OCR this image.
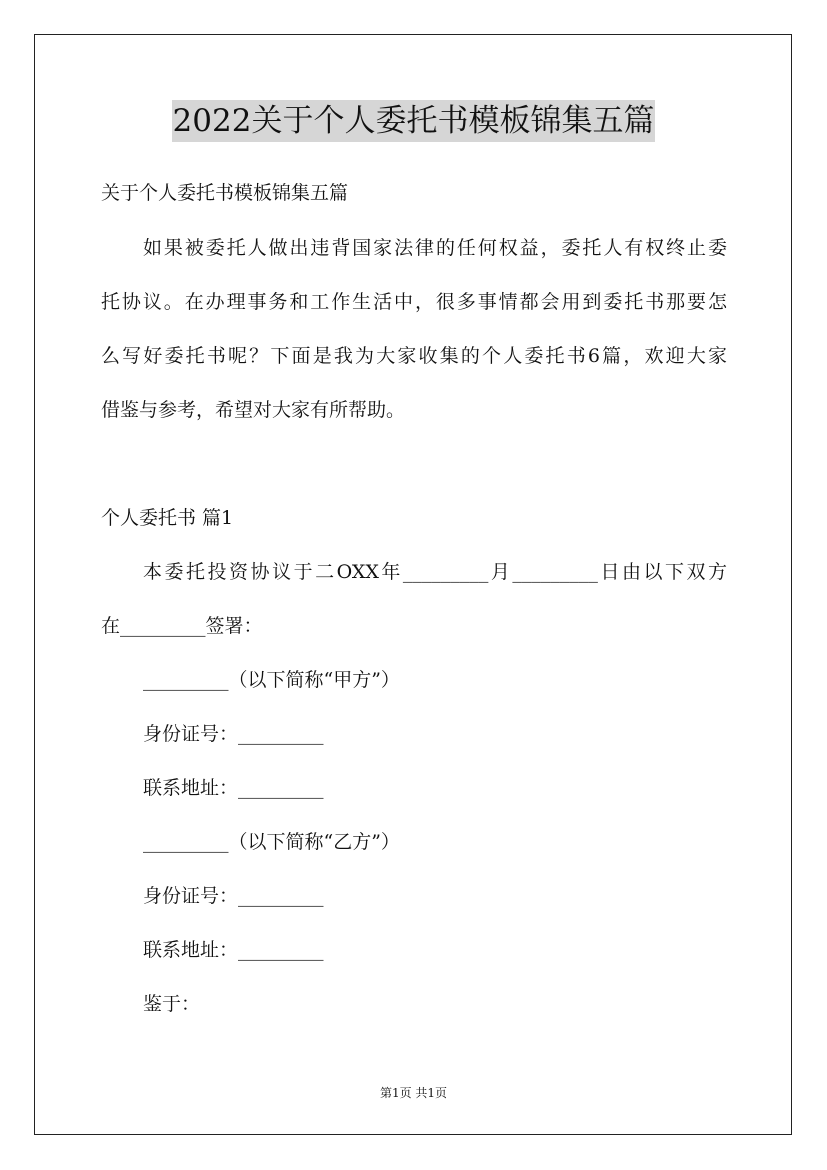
2022关于个人委托书模板锦集五篇
关于个人委托书模板锦集五篇
如果被委托人做出违背国家法律的任何权益，委托人有权终止委
托协议。在办理事务和工作生活中，很多事情都会用到委托书那要怎
么写好委托书呢？下面是我为大家收集的个人委托书6篇，欢迎大家
借鉴与参考，希望对大家有所帮助。
个人委托书 篇1
本委托投资协议于二OXX年_________月_________日由以下双方
在_________签署：
_________（以下简称“甲方”）
身份证号：_________
联系地址：_________
_________（以下简称“乙方”）
身份证号：_________
联系地址：_________
鉴于：
第1页 共1页
